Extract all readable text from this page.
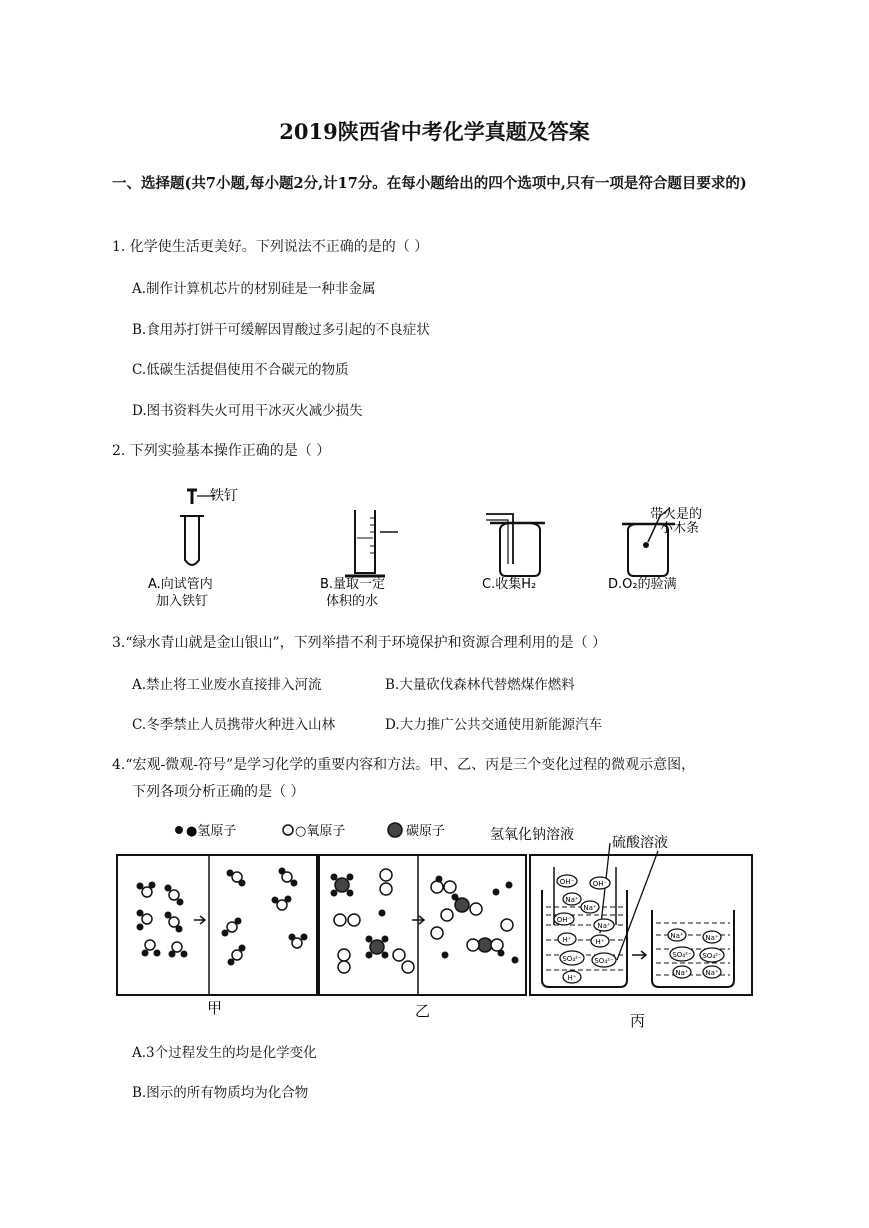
2019陕西省中考化学真题及答案
一、选择题(共7小题,每小题2分,计17分。在每小题给出的四个选项中,只有一项是符合题目要求的)
1. 化学使生活更美好。下列说法不正确的是的（ ）
A.制作计算机芯片的材别硅是一种非金属
B.食用苏打饼干可缓解因胃酸过多引起的不良症状
C.低碳生活提倡使用不合碳元的物质
D.图书资料失火可用干冰灭火减少损失
2. 下列实验基本操作正确的是（ ）
铁钉
A.向试管内
加入铁钉
B.量取一定
体积的水
C.收集H₂
带火是的
小木条
D.O₂的验满
3.“绿水青山就是金山银山”，下列举措不利于环境保护和资源合理利用的是（ ）
A.禁止将工业废水直接排入河流	B.大量砍伐森林代替燃煤作燃料
C.冬季禁止人员携带火种进入山林	D.大力推广公共交通使用新能源汽车
4.“宏观-微观-符号”是学习化学的重要内容和方法。甲、乙、丙是三个变化过程的微观示意图，
下列各项分析正确的是（ ）
●氢原子	○氧原子	碳原子	氢氧化钠溶液	硫酸溶液
甲	乙
OH⁻	OH⁻
Na⁺
Na⁺
OH⁻
Na⁺
H⁺	H⁺
SO₄²⁻ SO₄²⁻
H⁺
Na⁺	Na⁺
SO₄²⁻ SO₄²⁻
Na⁺ Na⁺
丙
A.3个过程发生的均是化学变化
B.图示的所有物质均为化合物
